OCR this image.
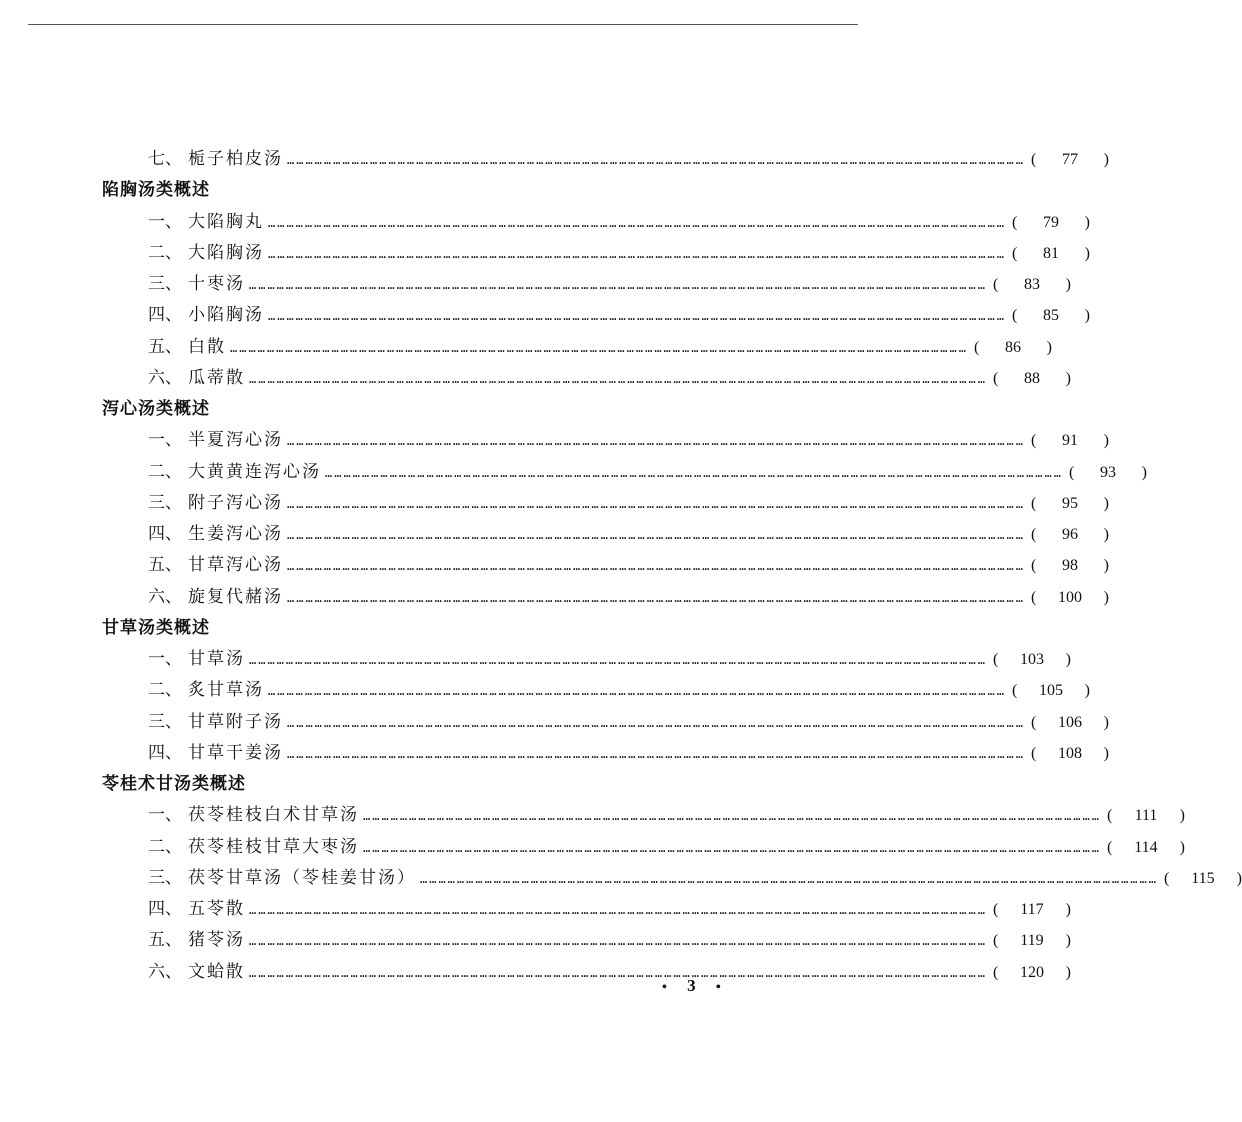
七、 栀子柏皮汤 …………………………………………………………………………………………………………………………………………………………………………………………………………………… (	77	)
陷胸汤类概述
一、 大陷胸丸 …………………………………………………………………………………………………………………………………………………………………………………………………………………… (	79	)
二、 大陷胸汤 …………………………………………………………………………………………………………………………………………………………………………………………………………………… (	81	)
三、 十枣汤 …………………………………………………………………………………………………………………………………………………………………………………………………………………… (	83	)
四、 小陷胸汤 …………………………………………………………………………………………………………………………………………………………………………………………………………………… (	85	)
五、 白散 …………………………………………………………………………………………………………………………………………………………………………………………………………………… (	86	)
六、 瓜蒂散 …………………………………………………………………………………………………………………………………………………………………………………………………………………… (	88	)
泻心汤类概述
一、 半夏泻心汤 …………………………………………………………………………………………………………………………………………………………………………………………………………………… (	91	)
二、 大黄黄连泻心汤 …………………………………………………………………………………………………………………………………………………………………………………………………………………… (	93	)
三、 附子泻心汤 …………………………………………………………………………………………………………………………………………………………………………………………………………………… (	95	)
四、 生姜泻心汤 …………………………………………………………………………………………………………………………………………………………………………………………………………………… (	96	)
五、 甘草泻心汤 …………………………………………………………………………………………………………………………………………………………………………………………………………………… (	98	)
六、 旋复代赭汤 …………………………………………………………………………………………………………………………………………………………………………………………………………………… (	100	)
甘草汤类概述
一、 甘草汤 …………………………………………………………………………………………………………………………………………………………………………………………………………………… (	103	)
二、 炙甘草汤 …………………………………………………………………………………………………………………………………………………………………………………………………………………… (	105	)
三、 甘草附子汤 …………………………………………………………………………………………………………………………………………………………………………………………………………………… (	106	)
四、 甘草干姜汤 …………………………………………………………………………………………………………………………………………………………………………………………………………………… (	108	)
苓桂术甘汤类概述
一、 茯苓桂枝白术甘草汤 …………………………………………………………………………………………………………………………………………………………………………………………………………………… (	111	)
二、 茯苓桂枝甘草大枣汤 …………………………………………………………………………………………………………………………………………………………………………………………………………………… (	114	)
三、 茯苓甘草汤（苓桂姜甘汤） …………………………………………………………………………………………………………………………………………………………………………………………………………………… (	115	)
四、 五苓散 …………………………………………………………………………………………………………………………………………………………………………………………………………………… (	117	)
五、 猪苓汤 …………………………………………………………………………………………………………………………………………………………………………………………………………………… (	119	)
六、 文蛤散 …………………………………………………………………………………………………………………………………………………………………………………………………………………… (	120	)
• 3 •
